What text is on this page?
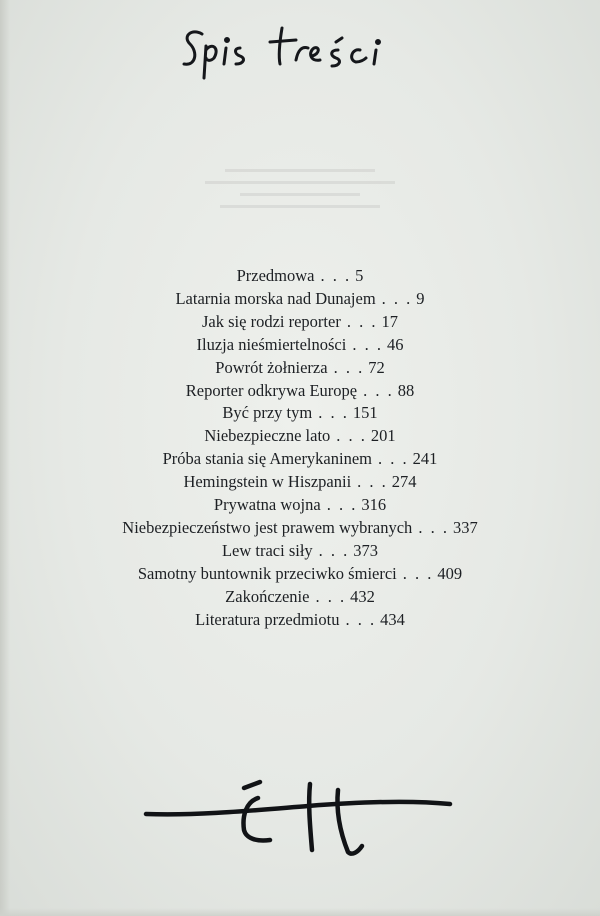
Przedmowa . . . 5
Latarnia morska nad Dunajem . . . 9
Jak się rodzi reporter . . . 17
Iluzja nieśmiertelności . . . 46
Powrót żołnierza . . . 72
Reporter odkrywa Europę . . . 88
Być przy tym . . . 151
Niebezpieczne lato . . . 201
Próba stania się Amerykaninem . . . 241
Hemingstein w Hiszpanii . . . 274
Prywatna wojna . . . 316
Niebezpieczeństwo jest prawem wybranych . . . 337
Lew traci siły . . . 373
Samotny buntownik przeciwko śmierci . . . 409
Zakończenie . . . 432
Literatura przedmiotu . . . 434
